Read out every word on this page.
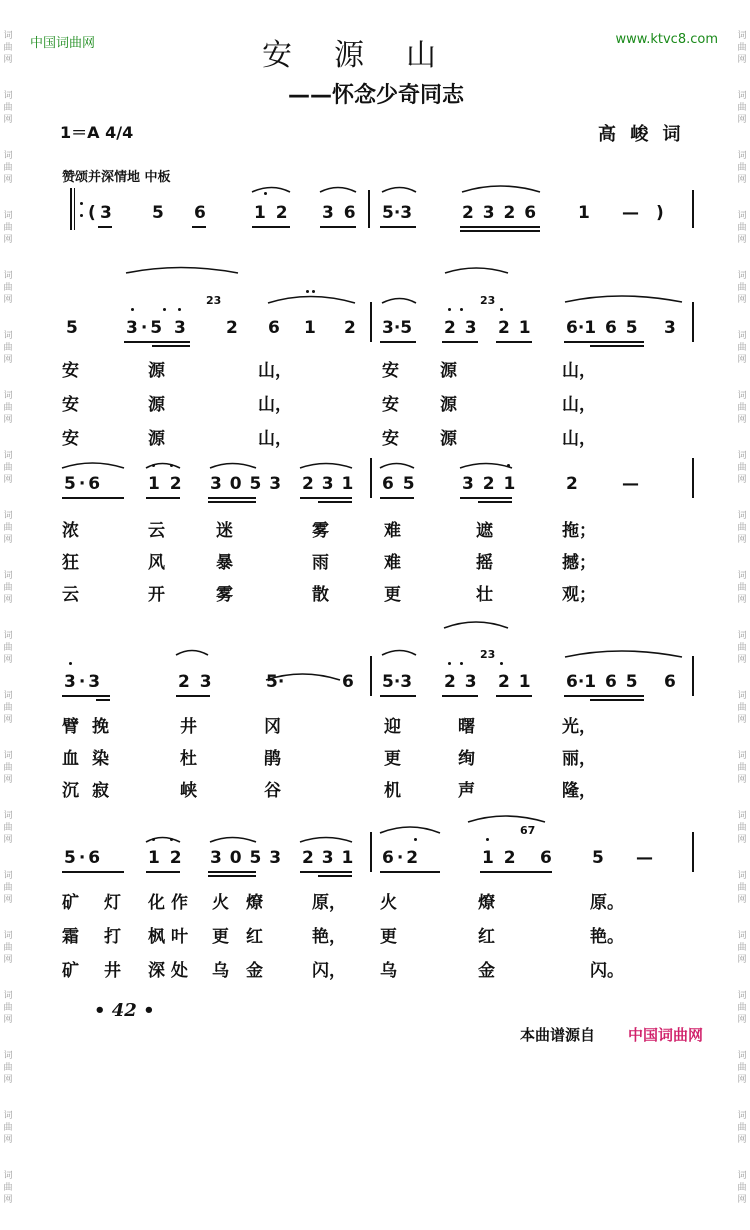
中国词曲网	www.ktvc8.com
词
曲
网

词
曲
网

词
曲
网

词
曲
网

词
曲
网

词
曲
网

词
曲
网

词
曲
网

词
曲
网

词
曲
网

词
曲
网

词
曲
网

词
曲
网

词
曲
网

词
曲
网

词
曲
网

词
曲
网

词
曲
网

词
曲
网

词
曲
网

词
曲
网

词
曲
网

词
曲
网

词
曲
网

词
曲
网

词
曲
网

词
曲
网

词
曲
网

词
曲
网

词
曲
网

词
曲
网

词
曲
网

词
曲
网

词
曲
网

词
曲
网

词
曲
网

词
曲
网

词
曲
网

词
曲
网

词
曲
网

安源山
——怀念少奇同志
1＝A 4/4	高 峻 词
赞颂并深情地 中板
( 3 5 6	1 2 3 6 5·3	2 3 2 6 1 — )
5	3·5 3
23
2 6 1 2 3·5 2 3
23
2 1 6·1 6 5 3
安	源	山，	安 源	山，
安	源	山，	安 源	山，
安	源	山，	安 源	山，
5·6	1 2 3 0 5 3 2 3 1 6 5	3 2 1	2	—
浓	云	迷	雾	难	遮	拖；
狂	风	暴	雨	难	摇	撼；
云	开	雾	散	更	壮	观；
3·3	2 3	5·	6 5·3 2 3
23
2 1 6·1 6 5 6
臂 挽	井	冈	迎	曙	光，
血 染	杜	鹃	更	绚	丽，
沉 寂	峡	谷	机	声	隆，
5·6	1 2 3 0 5 3 2 3 1 6·2	1 2
67
6 5 —
矿 灯 化作 火 燎	原， 火	燎	原。
霜 打 枫叶 更 红	艳， 更	红	艳。
矿 井 深处 乌 金	闪， 乌	金	闪。
• 42 •
本曲谱源自 中国词曲网
